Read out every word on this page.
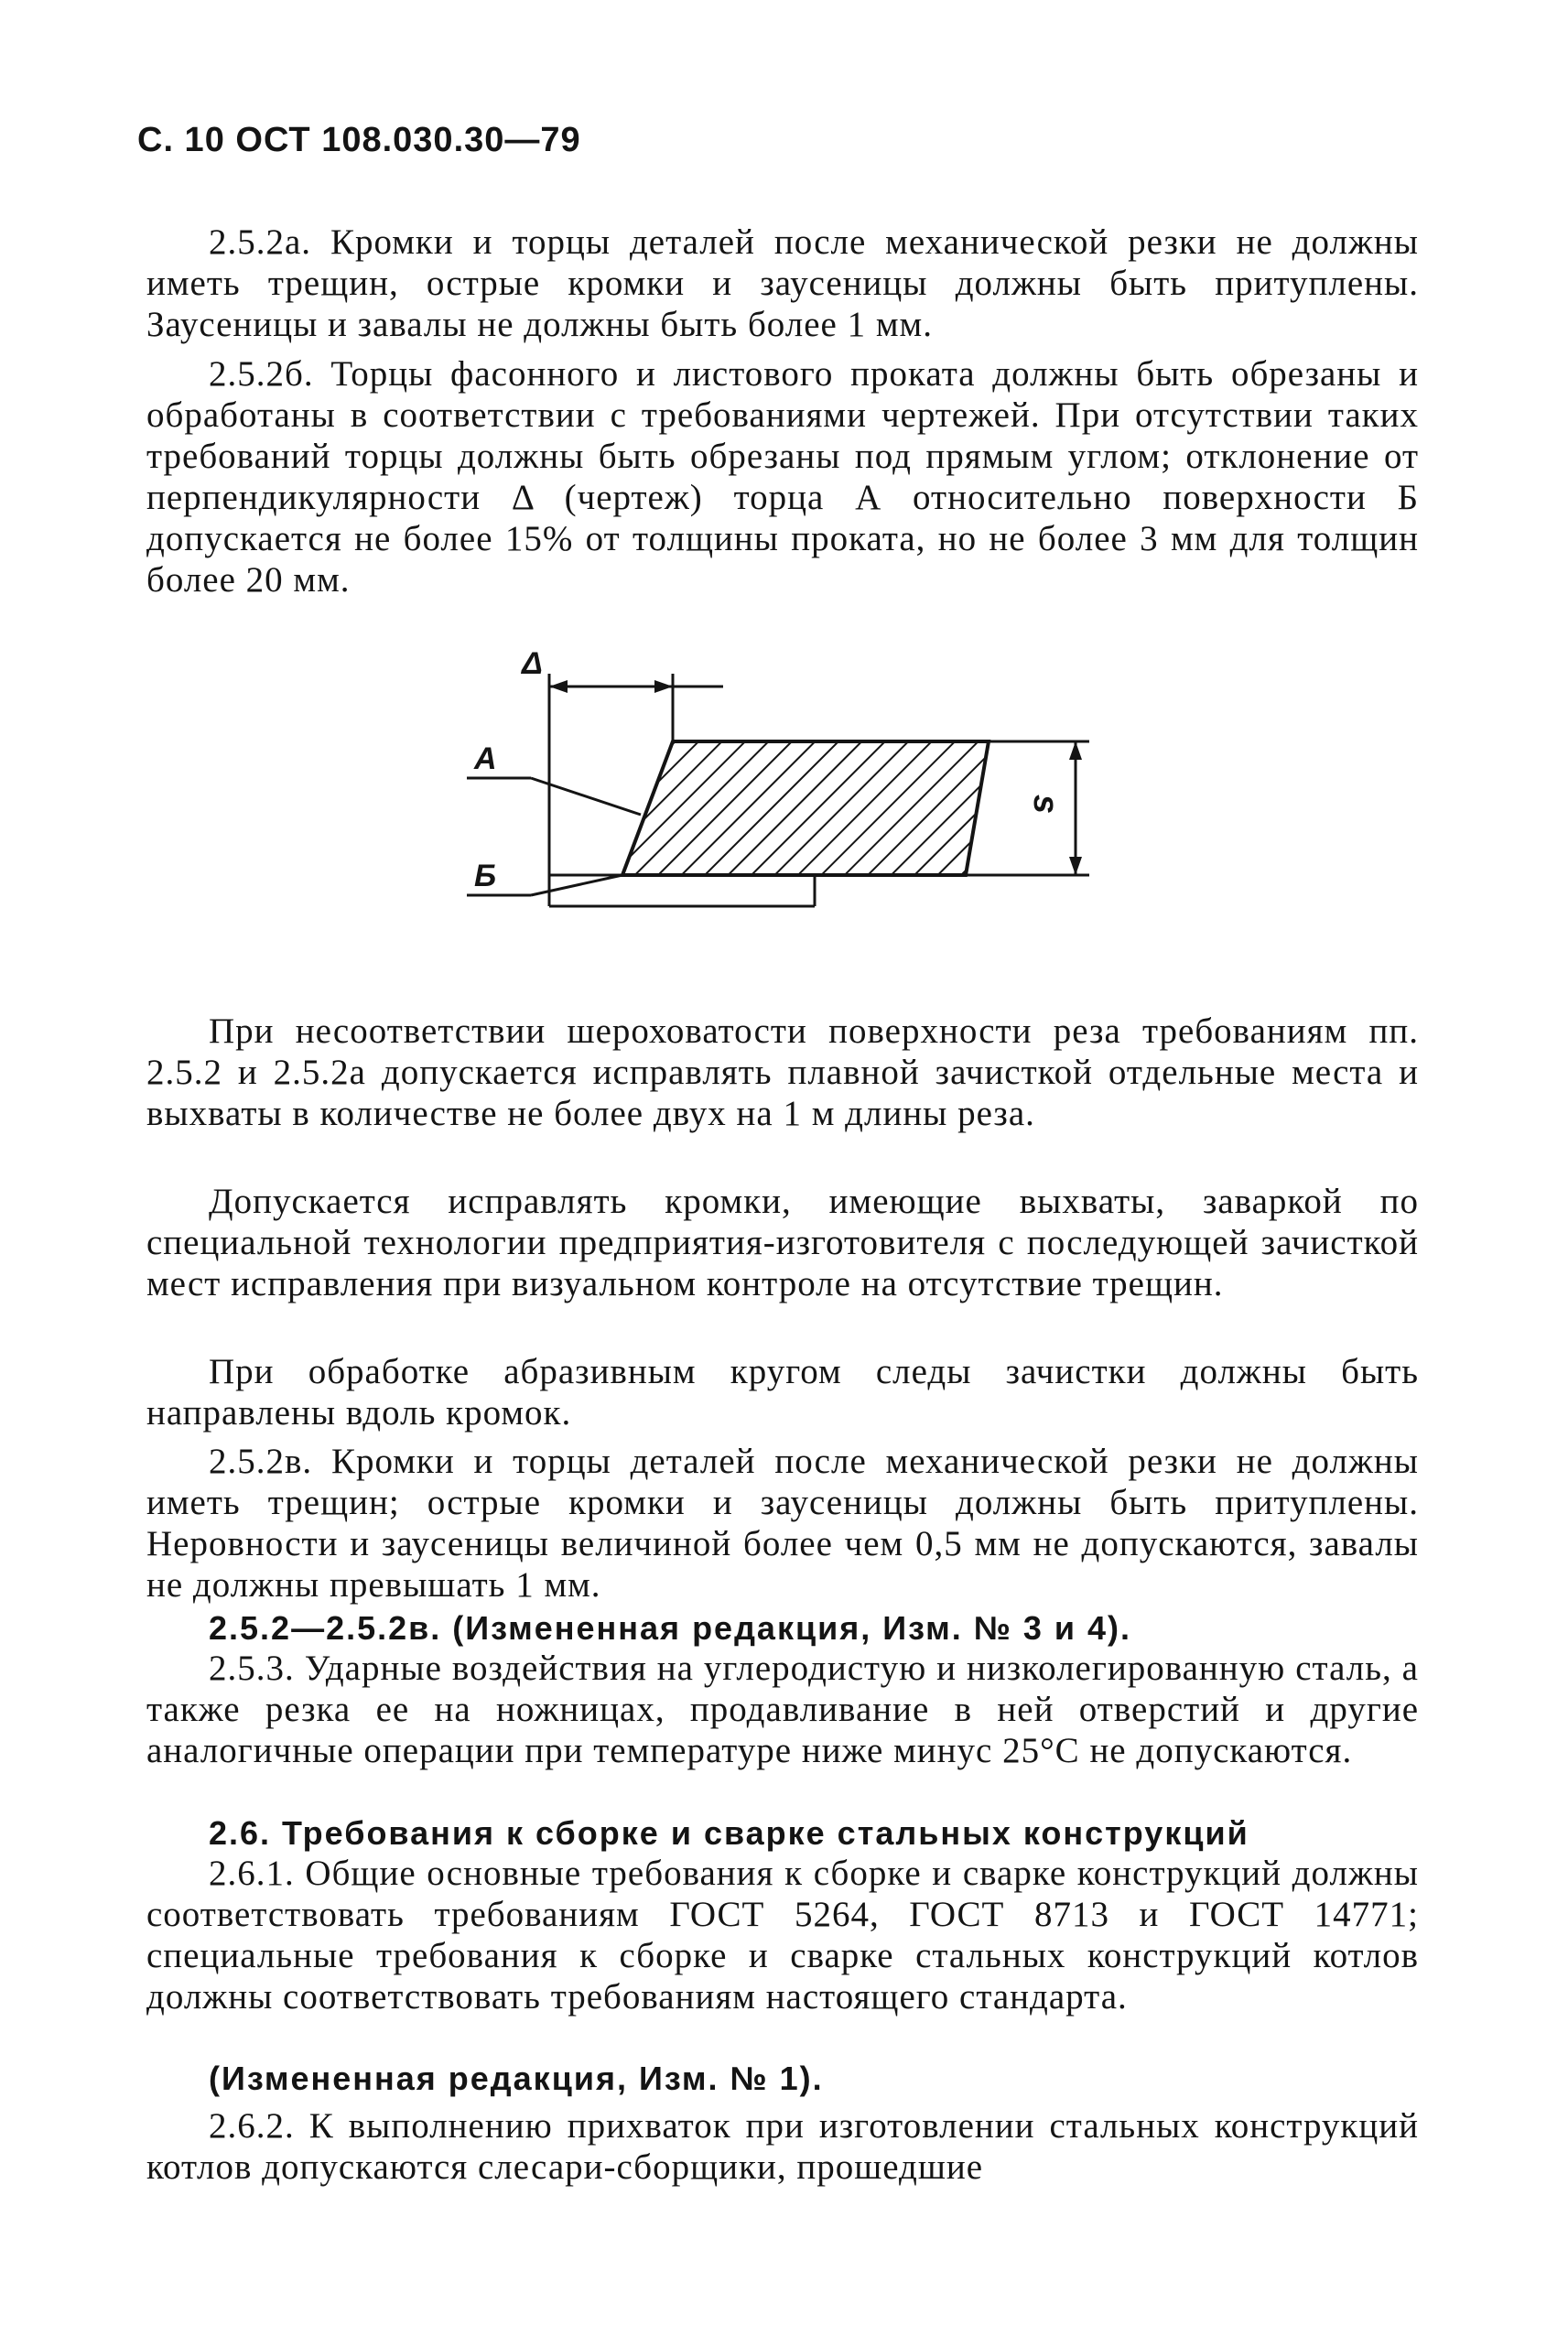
С. 10 ОСТ 108.030.30—79
2.5.2а. Кромки и торцы деталей после механической резки не должны иметь трещин, острые кромки и заусеницы должны быть притуплены. Заусеницы и завалы не должны быть более 1 мм.
2.5.2б. Торцы фасонного и листового проката должны быть обрезаны и обработаны в соответствии с требованиями чертежей. При отсутствии таких требований торцы должны быть обрезаны под прямым углом; отклонение от перпендикулярности Δ (чертеж) торца А относительно поверхности Б допускается не более 15% от толщины проката, но не более 3 мм для толщин более 20 мм.
Δ
А
Б
s
При несоответствии шероховатости поверхности реза требованиям пп. 2.5.2 и 2.5.2а допускается исправлять плавной зачисткой отдельные места и выхваты в количестве не более двух на 1 м длины реза.
Допускается исправлять кромки, имеющие выхваты, заваркой по специальной технологии предприятия-изготовителя с последующей зачисткой мест исправления при визуальном контроле на отсутствие трещин.
При обработке абразивным кругом следы зачистки должны быть направлены вдоль кромок.
2.5.2в. Кромки и торцы деталей после механической резки не должны иметь трещин; острые кромки и заусеницы должны быть притуплены. Неровности и заусеницы величиной более чем 0,5 мм не допускаются, завалы не должны превышать 1 мм.
2.5.2—2.5.2в. (Измененная редакция, Изм. № 3 и 4).
2.5.3. Ударные воздействия на углеродистую и низколегированную сталь, а также резка ее на ножницах, продавливание в ней отверстий и другие аналогичные операции при температуре ниже минус 25°С не допускаются.
2.6. Требования к сборке и сварке стальных конструкций
2.6.1. Общие основные требования к сборке и сварке конструкций должны соответствовать требованиям ГОСТ 5264, ГОСТ 8713 и ГОСТ 14771; специальные требования к сборке и сварке стальных конструкций котлов должны соответствовать требованиям настоящего стандарта.
(Измененная редакция, Изм. № 1).
2.6.2. К выполнению прихваток при изготовлении стальных конструкций котлов допускаются слесари-сборщики, прошедшие
